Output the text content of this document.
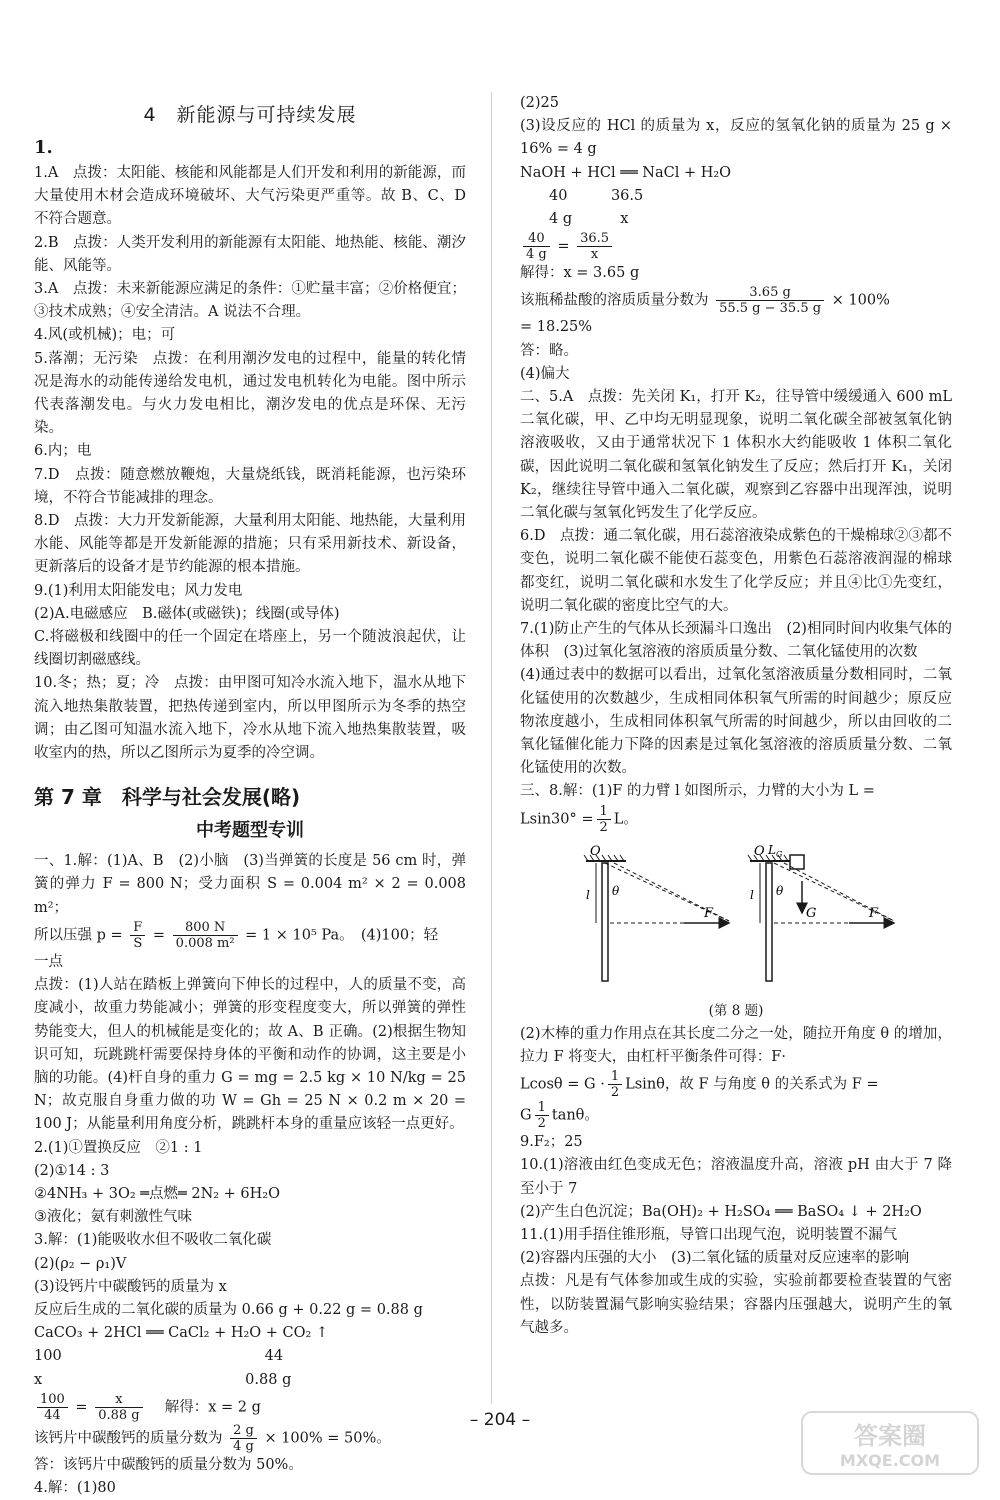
4　新能源与可持续发展
1.

1.A　点拨：太阳能、核能和风能都是人们开发和利用的新能源，而大量使用木材会造成环境破坏、大气污染更严重等。故 B、C、D 不符合题意。

2.B　点拨：人类开发利用的新能源有太阳能、地热能、核能、潮汐能、风能等。

3.A　点拨：未来新能源应满足的条件：①贮量丰富；②价格便宜；③技术成熟；④安全清洁。A 说法不合理。

4.风(或机械)；电；可

5.落潮；无污染　点拨：在利用潮汐发电的过程中，能量的转化情况是海水的动能传递给发电机，通过发电机转化为电能。图中所示代表落潮发电。与火力发电相比，潮汐发电的优点是环保、无污染。

6.内；电

7.D　点拨：随意燃放鞭炮，大量烧纸钱，既消耗能源，也污染环境，不符合节能减排的理念。

8.D　点拨：大力开发新能源，大量利用太阳能、地热能，大量利用水能、风能等都是开发新能源的措施；只有采用新技术、新设备，更新落后的设备才是节约能源的根本措施。

9.(1)利用太阳能发电；风力发电
(2)A.电磁感应　B.磁体(或磁铁)；线圈(或导体)
C.将磁极和线圈中的任一个固定在塔座上，另一个随波浪起伏，让线圈切割磁感线。

10.冬；热；夏；冷　点拨：由甲图可知冷水流入地下，温水从地下流入地热集散装置，把热传递到室内，所以甲图所示为冬季的热空调；由乙图可知温水流入地下，冷水从地下流入地热集散装置，吸收室内的热，所以乙图所示为夏季的冷空调。

第 7 章　科学与社会发展(略)
中考题型专训

一、1.解：(1)A、B　(2)小脑　(3)当弹簧的长度是 56 cm 时，弹簧的弹力 F = 800 N；受力面积 S = 0.004 m² × 2 = 0.008 m²；

所以压强 $p = \frac{F}{S} = \frac{800 N}{\text{0.008 m²}} = 1 \times 10^5$ Pa。　(4)100；轻

一点
点拨：(1)人站在踏板上弹簧向下伸长的过程中，人的质量不变，高度减小，故重力势能减小；弹簧的形变程度变大，所以弹簧的弹性势能变大，但人的机械能是变化的；故 A、B 正确。(2)根据生物知识可知，玩跳跳杆需要保持身体的平衡和动作的协调，这主要是小脑的功能。(4)杆自身的重力 G = mg = 2.5 kg × 10 N/kg = 25 N；故克服自身重力做的功 W = Gh = 25 N × 0.2 m × 20 = 100 J；从能量利用角度分析，跳跳杆本身的重量应该轻一点更好。

2.(1)①置换反应　②1 : 1
(2)①14 : 3
②4NH₃ + 3O₂ ═点燃═ 2N₂ + 6H₂O
③液化；氨有刺激性气味

3.解：(1)能吸收水但不吸收二氧化碳
(2)(ρ₂ − ρ₁)V
(3)设钙片中碳酸钙的质量为 x
反应后生成的二氧化碳的质量为 0.66 g + 0.22 g = 0.88 g
CaCO₃ + 2HCl ══ CaCl₂ + H₂O + CO₂ ↑
100　　　　　　　　　　　　　　44
x　　　　　　　　　　　　　　0.88 g

$\frac{100}{44} = \frac{x}{0.88 g}$
　 解得：x = 2 g

该钙片中碳酸钙的质量分数为 $\frac{2 g}{4 g} \times 100\% = 50\%$。

答：该钙片中碳酸钙的质量分数为 50%。

4.解：(1)80

(2)25
(3)设反应的 HCl 的质量为 x，反应的氢氧化钠的质量为 25 g × 16% = 4 g
NaOH + HCl ══ NaCl + H₂O
　　40　　　36.5
　　4 g　　　 x

$\frac{40}{4 g} = \frac{36.5}{x}$

解得：x = 3.65 g

该瓶稀盐酸的溶质质量分数为 $\frac{3.65 g}{55.5 g - 35.5 g} \times 100\%$

= 18.25%
答：略。
(4)偏大

二、5.A　点拨：先关闭 K₁，打开 K₂，往导管中缓缓通入 600 mL 二氧化碳，甲、乙中均无明显现象，说明二氧化碳全部被氢氧化钠溶液吸收，又由于通常状况下 1 体积水大约能吸收 1 体积二氧化碳，因此说明二氧化碳和氢氧化钠发生了反应；然后打开 K₁，关闭 K₂，继续往导管中通入二氧化碳，观察到乙容器中出现浑浊，说明二氧化碳与氢氧化钙发生了化学反应。

6.D　点拨：通二氧化碳，用石蕊溶液染成紫色的干燥棉球②③都不变色，说明二氧化碳不能使石蕊变色，用紫色石蕊溶液润湿的棉球都变红，说明二氧化碳和水发生了化学反应；并且④比①先变红，说明二氧化碳的密度比空气的大。

7.(1)防止产生的气体从长颈漏斗口逸出　(2)相同时间内收集气体的体积　(3)过氧化氢溶液的溶质质量分数、二氧化锰使用的次数
(4)通过表中的数据可以看出，过氧化氢溶液质量分数相同时，二氧化锰使用的次数越少，生成相同体积氧气所需的时间越少；原反应物浓度越小，生成相同体积氧气所需的时间越少，所以由回收的二氧化锰催化能力下降的因素是过氧化氢溶液的溶质质量分数、二氧化锰使用的次数。

三、8.解：(1)F 的力臂 l 如图所示，力臂的大小为 L =
$Lsin30^\circ = \frac{1}{2}$ L。

O
l θ
F
O L G
l θ
G	F

(第 8 题)

(2)木棒的重力作用点在其长度二分之一处，随拉开角度 θ 的增加，拉力 F 将变大，由杠杆平衡条件可得：F·
$Lcos\theta = G \cdot \frac{1}{2}$ Lsinθ，故 F 与角度 θ 的关系式为 F =
G $\frac{1}{2}$ tanθ。

9.F₂；25

10.(1)溶液由红色变成无色；溶液温度升高，溶液 pH 由大于 7 降至小于 7
(2)产生白色沉淀；Ba(OH)₂ + H₂SO₄ ══ BaSO₄ ↓ + 2H₂O

11.(1)用手捂住锥形瓶，导管口出现气泡，说明装置不漏气
(2)容器内压强的大小　(3)二氧化锰的质量对反应速率的影响
点拨：凡是有气体参加或生成的实验，实验前都要检查装置的气密性，以防装置漏气影响实验结果；容器内压强越大，说明产生的氧气越多。

– 204 –
答案圈
MXQE.COM
